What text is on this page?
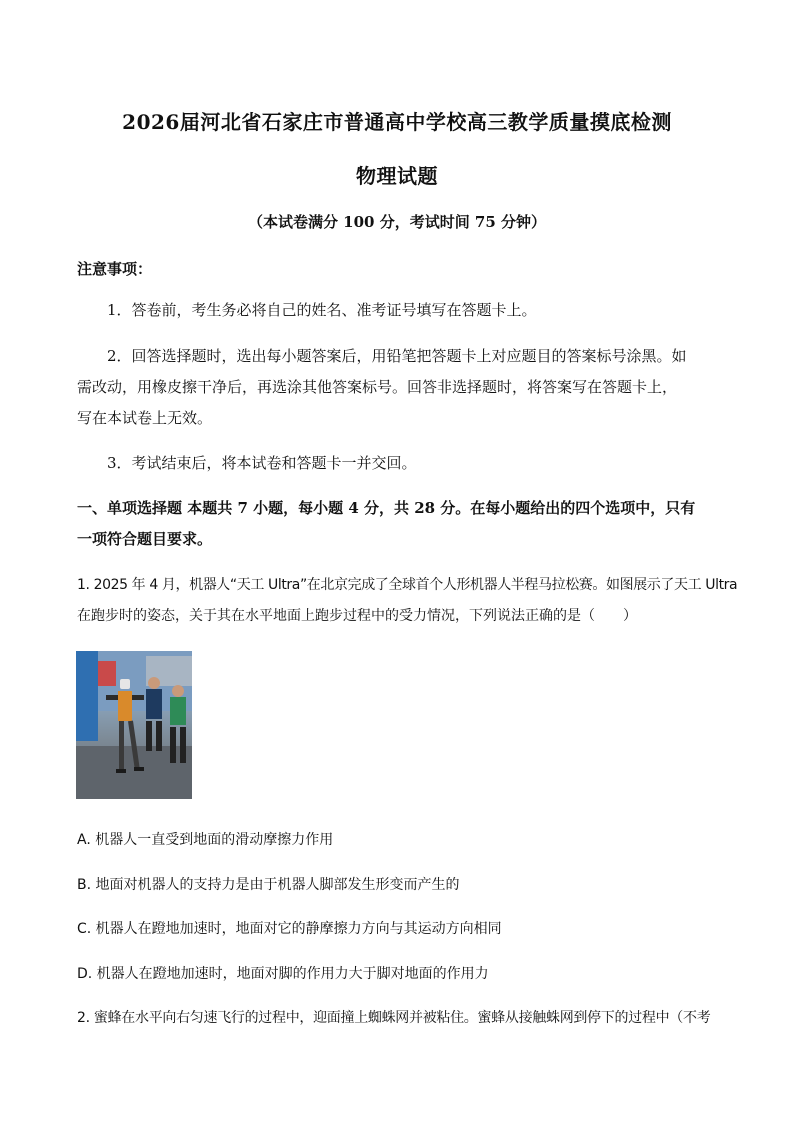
2026届河北省石家庄市普通高中学校高三教学质量摸底检测
物理试题
（本试卷满分 100 分，考试时间 75 分钟）
注意事项：
1．答卷前，考生务必将自己的姓名、准考证号填写在答题卡上。
2．回答选择题时，选出每小题答案后，用铅笔把答题卡上对应题目的答案标号涂黑。如
需改动，用橡皮擦干净后，再选涂其他答案标号。回答非选择题时，将答案写在答题卡上，
写在本试卷上无效。
3．考试结束后，将本试卷和答题卡一并交回。
一、单项选择题 本题共 7 小题，每小题 4 分，共 28 分。在每小题给出的四个选项中，只有
一项符合题目要求。
1. 2025 年 4 月，机器人“天工 Ultra”在北京完成了全球首个人形机器人半程马拉松赛。如图展示了天工 Ultra
在跑步时的姿态，关于其在水平地面上跑步过程中的受力情况，下列说法正确的是（　　）
A. 机器人一直受到地面的滑动摩擦力作用
B. 地面对机器人的支持力是由于机器人脚部发生形变而产生的
C. 机器人在蹬地加速时，地面对它的静摩擦力方向与其运动方向相同
D. 机器人在蹬地加速时，地面对脚的作用力大于脚对地面的作用力
2. 蜜蜂在水平向右匀速飞行的过程中，迎面撞上蜘蛛网并被粘住。蜜蜂从接触蛛网到停下的过程中（不考
